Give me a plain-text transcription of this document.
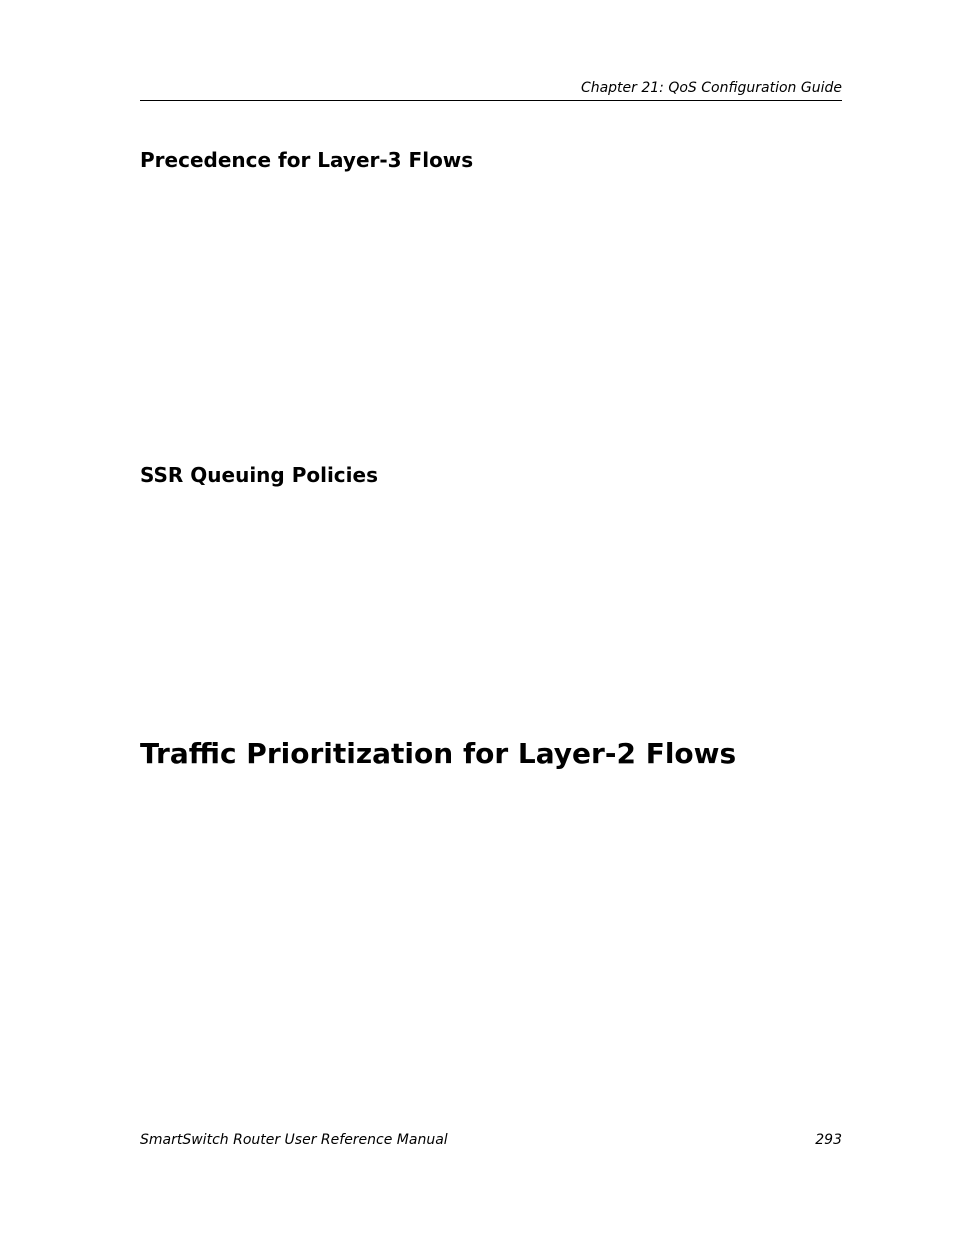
Chapter 21: QoS Configuration Guide
Precedence for Layer-3 Flows
SSR Queuing Policies
Traffic Prioritization for Layer-2 Flows
SmartSwitch Router User Reference Manual	293
